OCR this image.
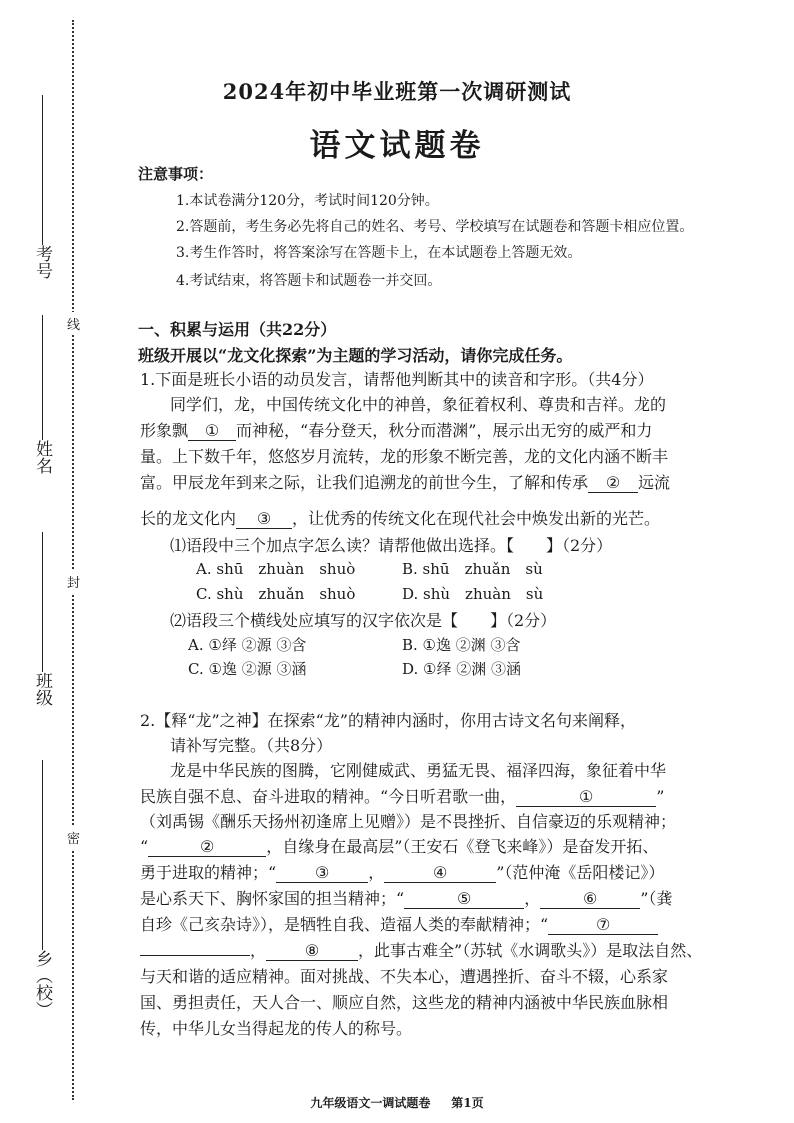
线
封
密
考号
姓名
班级
乡（校）
2024年初中毕业班第一次调研测试
语文试题卷
注意事项：
1.本试卷满分120分，考试时间120分钟。
2.答题前，考生务必先将自己的姓名、考号、学校填写在试题卷和答题卡相应位置。
3.考生作答时，将答案涂写在答题卡上，在本试题卷上答题无效。
4.考试结束，将答题卡和试题卷一并交回。
一、积累与运用（共22分）
班级开展以“龙文化探索”为主题的学习活动，请你完成任务。
1.下面是班长小语的动员发言，请帮他判断其中的读音和字形。（共4分）
同学们，龙，中国传统文化中的神兽，象征着权利、尊贵和吉祥。龙的
形象飘 ① 而神秘，“春分登天，秋分而潜渊”，展示出无穷的威严和力
量。上下数千年，悠悠岁月流转，龙的形象不断完善，龙的文化内涵不断丰
富。甲辰龙年到来之际，让我们追溯龙的前世今生，了解和传承 ② 远流
长的龙文化内 ③ ，让优秀的传统文化在现代社会中焕发出新的光芒。
⑴语段中三个加点字怎么读？请帮他做出选择。【　　】（2分）
A. shū　zhuàn　shuò	B. shū　zhuǎn　sù
C. shù　zhuǎn　shuò	D. shù　zhuàn　sù
⑵语段三个横线处应填写的汉字依次是【　　】（2分）
A. ①绎 ②源 ③含	B. ①逸 ②渊 ③含
C. ①逸 ②源 ③涵	D. ①绎 ②渊 ③涵
2.【释“龙”之神】在探索“龙”的精神内涵时，你用古诗文名句来阐释，
请补写完整。（共8分）
龙是中华民族的图腾，它刚健威武、勇猛无畏、福泽四海，象征着中华
民族自强不息、奋斗进取的精神。“今日听君歌一曲，	①	”
（刘禹锡《酬乐天扬州初逢席上见赠》）是不畏挫折、自信豪迈的乐观精神；
“	②	，自缘身在最高层”（王安石《登飞来峰》）是奋发开拓、
勇于进取的精神；“ ③ ，	④	”（范仲淹《岳阳楼记》）
是心系天下、胸怀家国的担当精神；“	⑤	，	⑥	”（龚
自珍《己亥杂诗》），是牺牲自我、造福人类的奉献精神；“	⑦
， ⑧ ，此事古难全”（苏轼《水调歌头》）是取法自然、
与天和谐的适应精神。面对挑战、不失本心，遭遇挫折、奋斗不辍，心系家
国、勇担责任，天人合一、顺应自然，这些龙的精神内涵被中华民族血脉相
传，中华儿女当得起龙的传人的称号。
九年级语文一调试题卷 第1页
